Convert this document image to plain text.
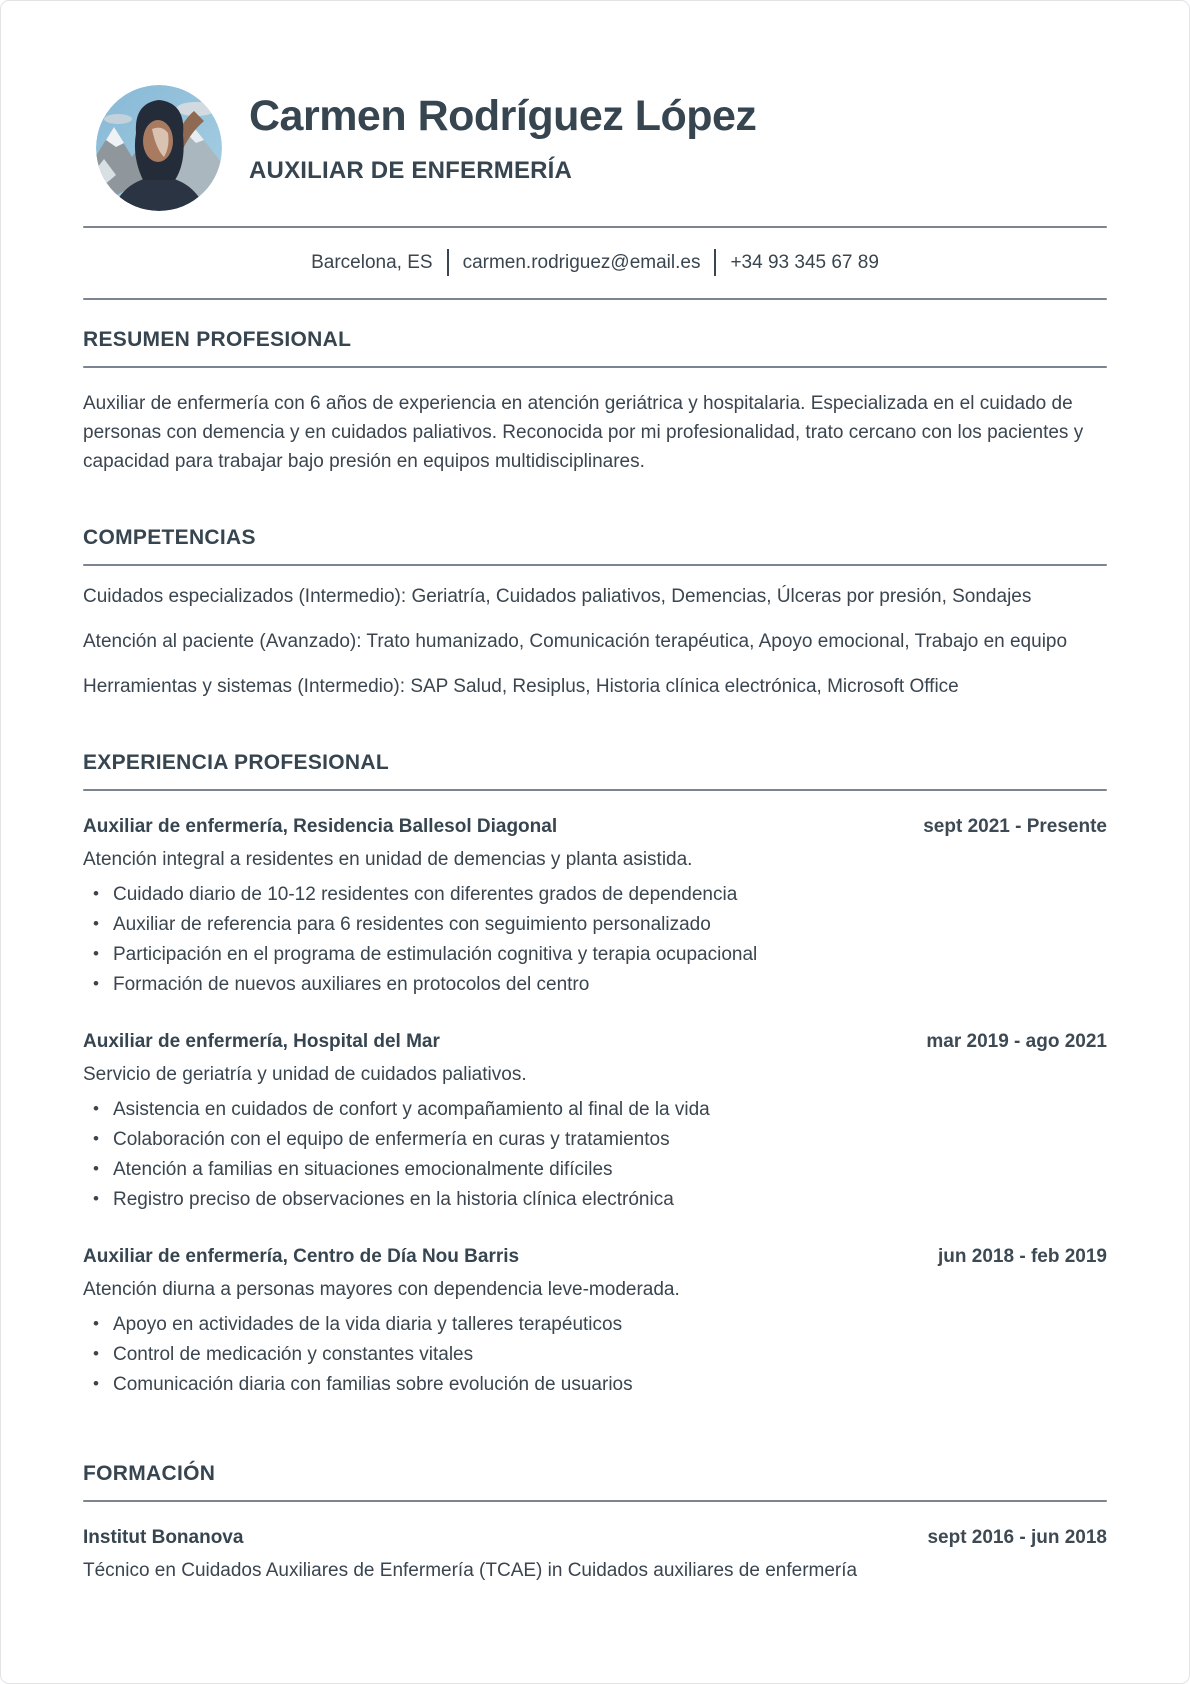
Carmen Rodríguez López
AUXILIAR DE ENFERMERÍA
Barcelona, ES carmen.rodriguez@email.es +34 93 345 67 89
RESUMEN PROFESIONAL

Auxiliar de enfermería con 6 años de experiencia en atención geriátrica y hospitalaria. Especializada en el cuidado de personas con demencia y en cuidados paliativos. Reconocida por mi profesionalidad, trato cercano con los pacientes y capacidad para trabajar bajo presión en equipos multidisciplinares.

COMPETENCIAS

Cuidados especializados (Intermedio): Geriatría, Cuidados paliativos, Demencias, Úlceras por presión, Sondajes

Atención al paciente (Avanzado): Trato humanizado, Comunicación terapéutica, Apoyo emocional, Trabajo en equipo

Herramientas y sistemas (Intermedio): SAP Salud, Resiplus, Historia clínica electrónica, Microsoft Office

EXPERIENCIA PROFESIONAL
Auxiliar de enfermería, Residencia Ballesol Diagonal	sept 2021 - Presente
Atención integral a residentes en unidad de demencias y planta asistida.
• Cuidado diario de 10-12 residentes con diferentes grados de dependencia
• Auxiliar de referencia para 6 residentes con seguimiento personalizado
• Participación en el programa de estimulación cognitiva y terapia ocupacional
• Formación de nuevos auxiliares en protocolos del centro
Auxiliar de enfermería, Hospital del Mar	mar 2019 - ago 2021
Servicio de geriatría y unidad de cuidados paliativos.
• Asistencia en cuidados de confort y acompañamiento al final de la vida
• Colaboración con el equipo de enfermería en curas y tratamientos
• Atención a familias en situaciones emocionalmente difíciles
• Registro preciso de observaciones en la historia clínica electrónica
Auxiliar de enfermería, Centro de Día Nou Barris	jun 2018 - feb 2019
Atención diurna a personas mayores con dependencia leve-moderada.
• Apoyo en actividades de la vida diaria y talleres terapéuticos
• Control de medicación y constantes vitales
• Comunicación diaria con familias sobre evolución de usuarios
FORMACIÓN
Institut Bonanova	sept 2016 - jun 2018
Técnico en Cuidados Auxiliares de Enfermería (TCAE) in Cuidados auxiliares de enfermería
